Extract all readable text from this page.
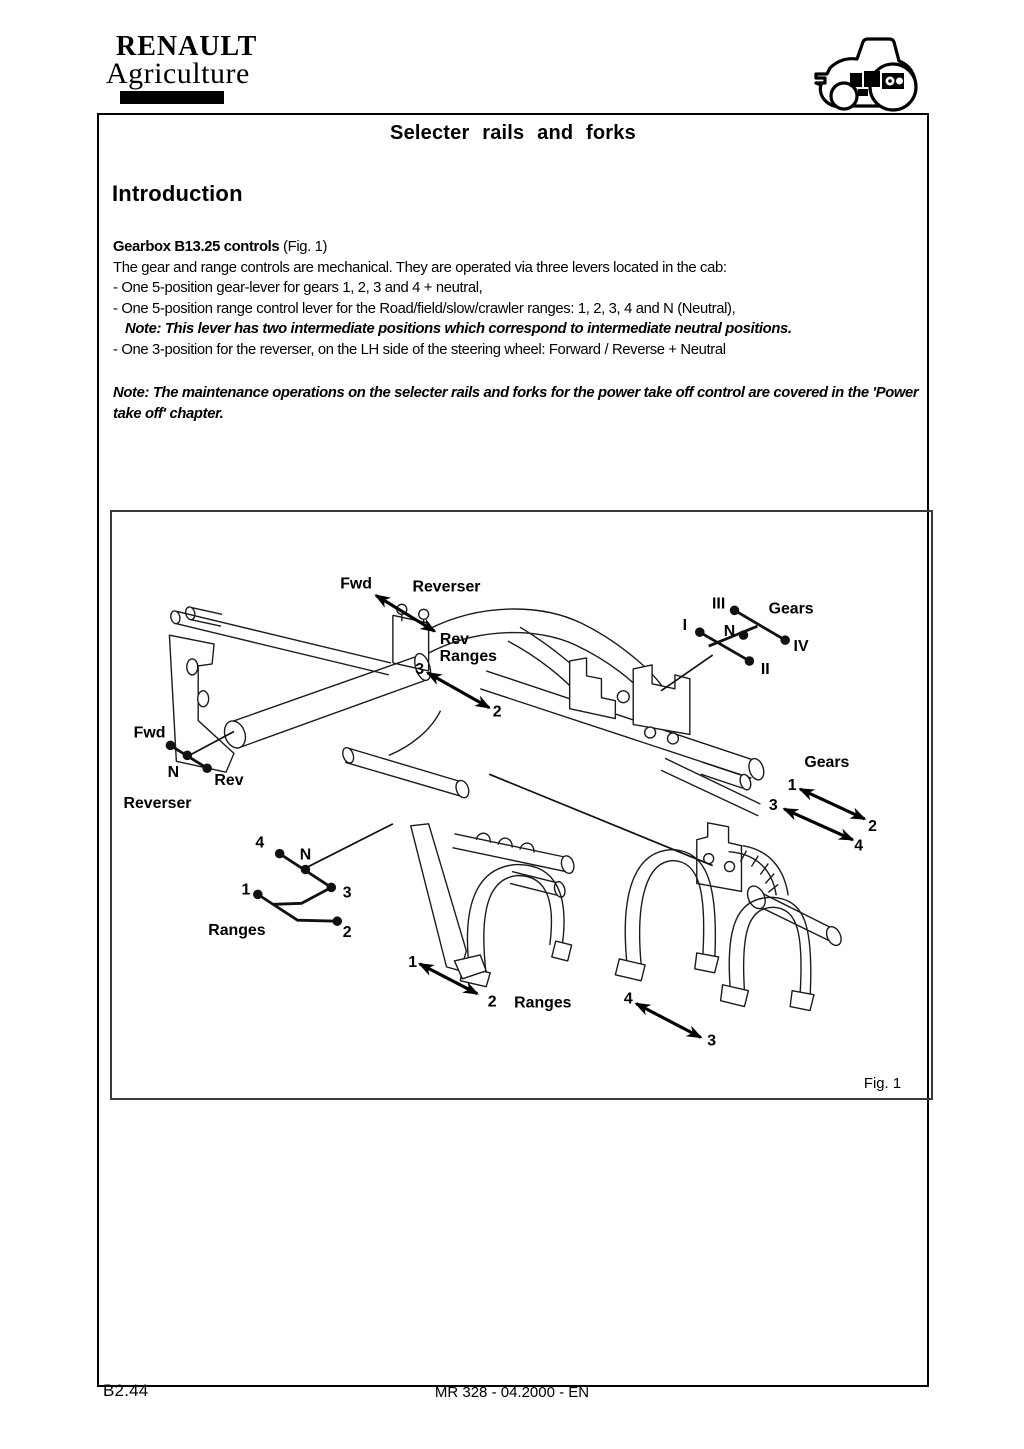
RENAULT
Agriculture
Selecter rails and forks
Introduction
Gearbox B13.25 controls (Fig. 1)
The gear and range controls are mechanical. They are operated via three levers located in the cab:
- One 5-position gear-lever for gears 1, 2, 3 and 4 + neutral,
- One 5-position range control lever for the Road/field/slow/crawler ranges: 1, 2, 3, 4 and N (Neutral),
Note: This lever has two intermediate positions which correspond to intermediate neutral positions.
- One 3-position for the reverser, on the LH side of the steering wheel: Forward / Reverse + Neutral
Note: The maintenance operations on the selecter rails and forks for the power take off control are covered in the 'Power take off' chapter.
Fwd	Reverser
Rev
Ranges
3
2
III	Gears
I N
IV
II
Fwd
N Rev
Reverser
4
N
1	3
2
Ranges
1
2 Ranges	4
3
Gears
1
2
3
4
Fig. 1
B2.44	MR 328 - 04.2000 - EN
